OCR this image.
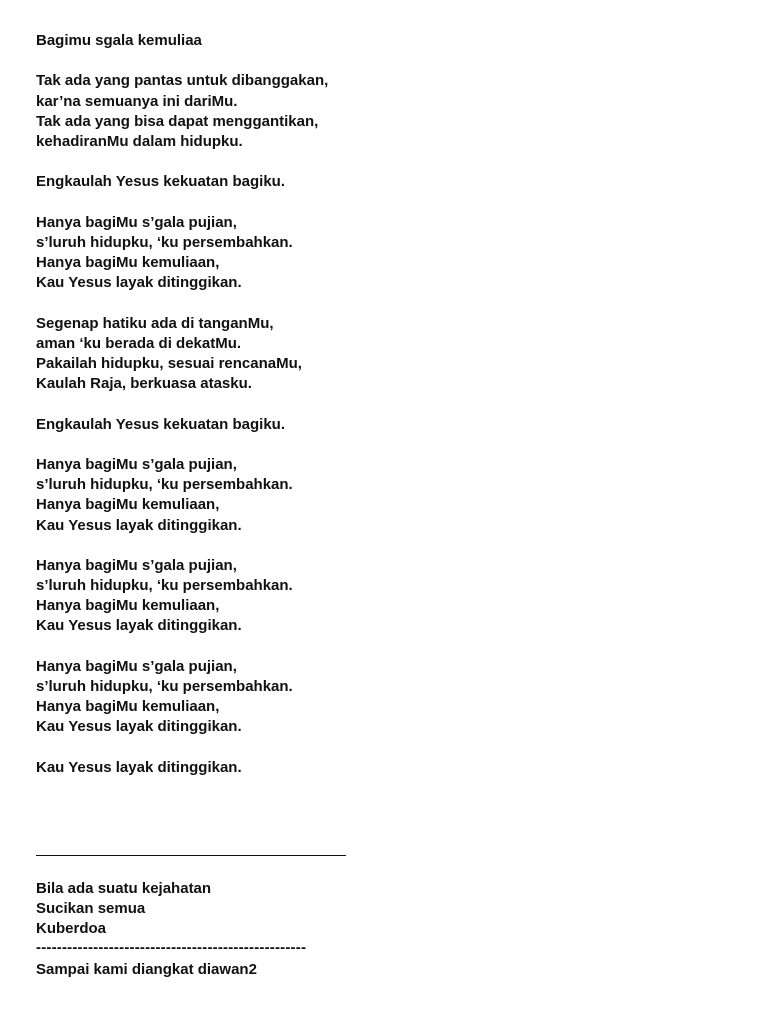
Bagimu sgala kemuliaa
Tak ada yang pantas untuk dibanggakan,
kar’na semuanya ini dariMu.
Tak ada yang bisa dapat menggantikan,
kehadiranMu dalam hidupku.
Engkaulah Yesus kekuatan bagiku.
Hanya bagiMu s’gala pujian,
s’luruh hidupku, ‘ku persembahkan.
Hanya bagiMu kemuliaan,
Kau Yesus layak ditinggikan.
Segenap hatiku ada di tanganMu,
aman ‘ku berada di dekatMu.
Pakailah hidupku, sesuai rencanaMu,
Kaulah Raja, berkuasa atasku.
Engkaulah Yesus kekuatan bagiku.
Hanya bagiMu s’gala pujian,
s’luruh hidupku, ‘ku persembahkan.
Hanya bagiMu kemuliaan,
Kau Yesus layak ditinggikan.
Hanya bagiMu s’gala pujian,
s’luruh hidupku, ‘ku persembahkan.
Hanya bagiMu kemuliaan,
Kau Yesus layak ditinggikan.
Hanya bagiMu s’gala pujian,
s’luruh hidupku, ‘ku persembahkan.
Hanya bagiMu kemuliaan,
Kau Yesus layak ditinggikan.
Kau Yesus layak ditinggikan.
Bila ada suatu kejahatan
Sucikan semua
Kuberdoa
----------------------------------------------------
Sampai kami diangkat diawan2
